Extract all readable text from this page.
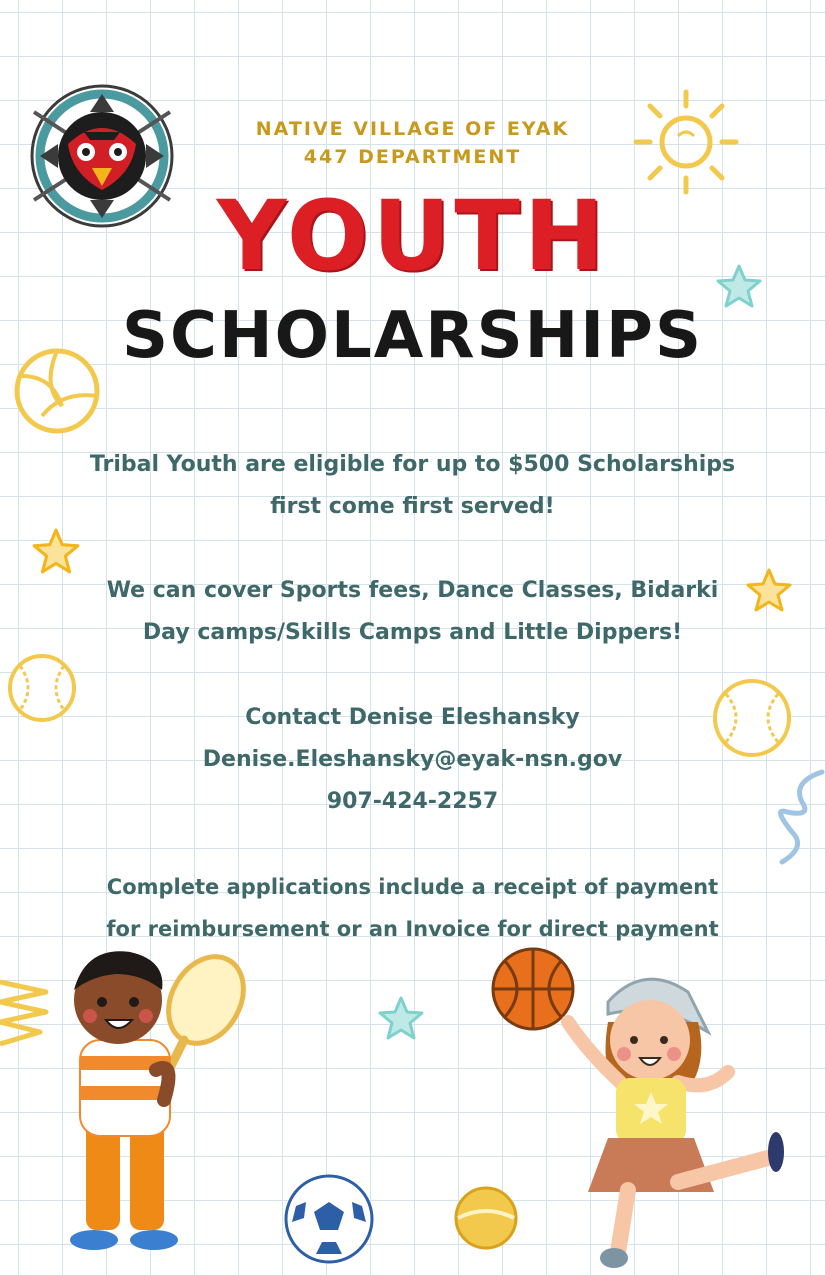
NATIVE VILLAGE OF EYAK
447 DEPARTMENT
YOUTH
SCHOLARSHIPS
Tribal Youth are eligible for up to $500 Scholarships
first come first served!
We can cover Sports fees, Dance Classes, Bidarki
Day camps/Skills Camps and Little Dippers!
Contact Denise Eleshansky
Denise.Eleshansky@eyak-nsn.gov
907-424-2257
Complete applications include a receipt of payment
for reimbursement or an Invoice for direct payment
